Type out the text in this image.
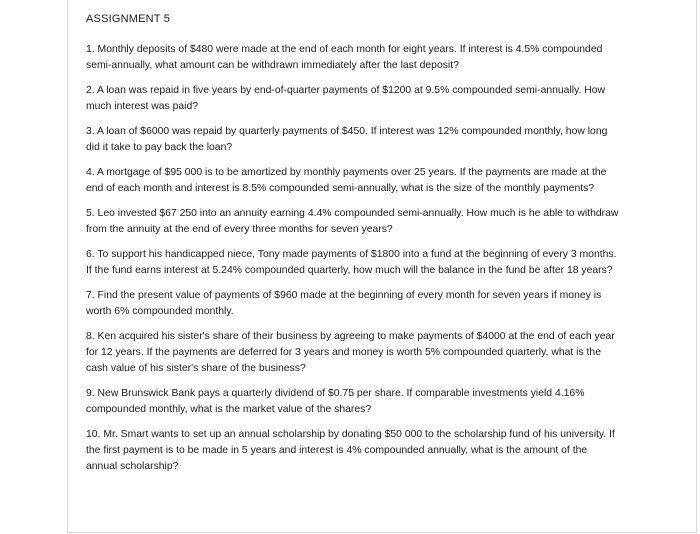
ASSIGNMENT 5

1. Monthly deposits of $480 were made at the end of each month for eight years. If interest is 4.5% compounded semi-annually, what amount can be withdrawn immediately after the last deposit?

2. A loan was repaid in five years by end-of-quarter payments of $1200 at 9.5% compounded semi-annually. How much interest was paid?

3. A loan of $6000 was repaid by quarterly payments of $450. If interest was 12% compounded monthly, how long did it take to pay back the loan?

4. A mortgage of $95 000 is to be amortized by monthly payments over 25 years. If the payments are made at the end of each month and interest is 8.5% compounded semi-annually, what is the size of the monthly payments?

5. Leo invested $67 250 into an annuity earning 4.4% compounded semi-annually. How much is he able to withdraw from the annuity at the end of every three months for seven years?

6. To support his handicapped niece, Tony made payments of $1800 into a fund at the beginning of every 3 months. If the fund earns interest at 5.24% compounded quarterly, how much will the balance in the fund be after 18 years?

7. Find the present value of payments of $960 made at the beginning of every month for seven years if money is worth 6% compounded monthly.

8. Ken acquired his sister's share of their business by agreeing to make payments of $4000 at the end of each year for 12 years. If the payments are deferred for 3 years and money is worth 5% compounded quarterly, what is the cash value of his sister's share of the business?

9. New Brunswick Bank pays a quarterly dividend of $0.75 per share. If comparable investments yield 4.16% compounded monthly, what is the market value of the shares?

10. Mr. Smart wants to set up an annual scholarship by donating $50 000 to the scholarship fund of his university. If the first payment is to be made in 5 years and interest is 4% compounded annually, what is the amount of the annual scholarship?
